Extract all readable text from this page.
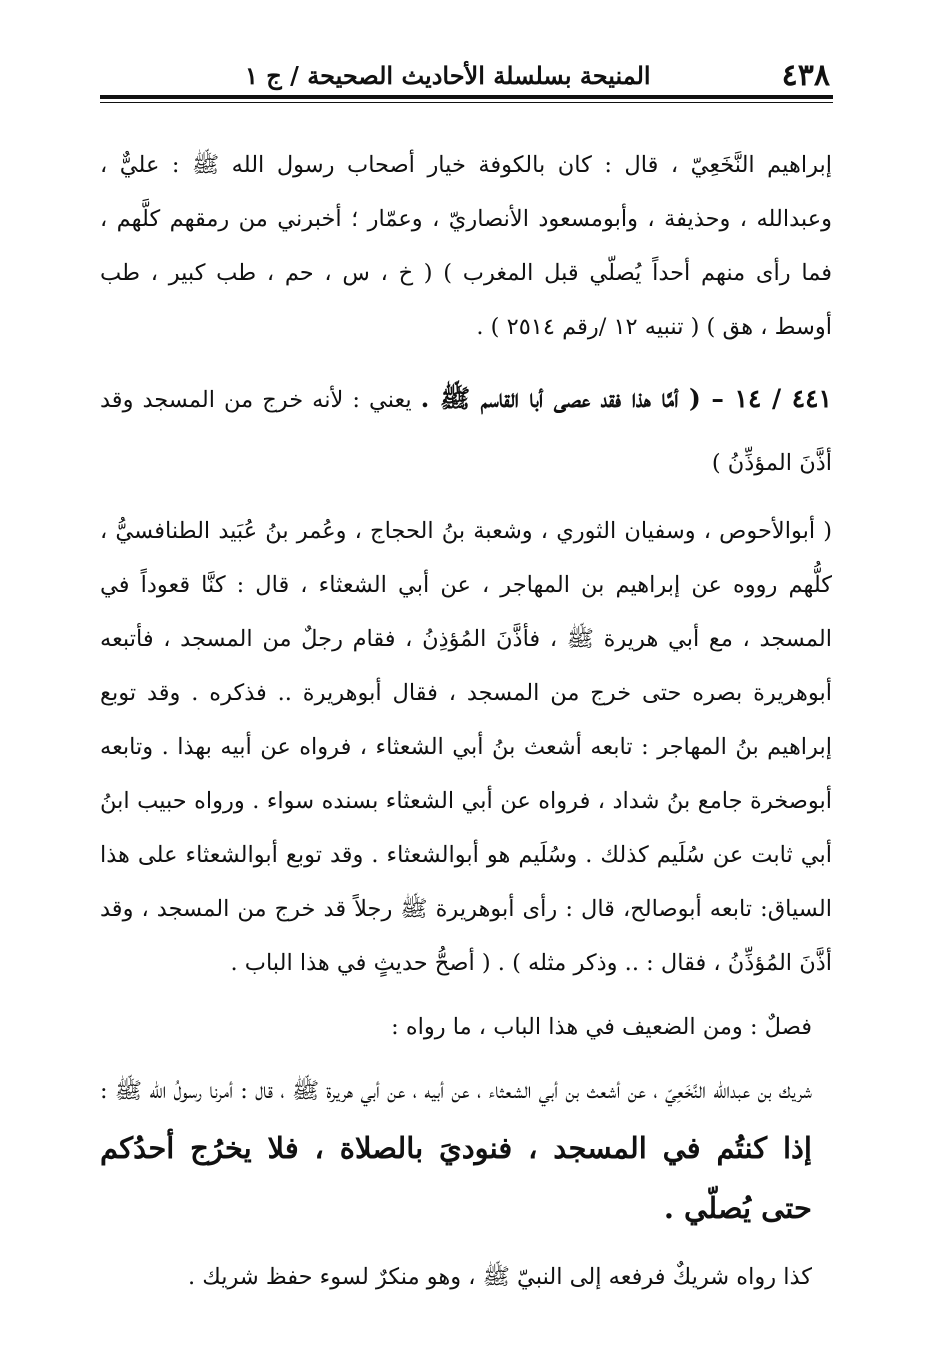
٤٣٨
المنيحة بسلسلة الأحاديث الصحيحة / ج ١

إبراهيم النَّخَعِيّ ، قال : كان بالكوفة خيار أصحاب رسول الله ﷺ : عليٌّ ، وعبدالله ، وحذيفة ، وأبومسعود الأنصاريّ ، وعمّار ؛ أخبرني من رمقهم كلَّهم ، فما رأى منهم أحداً يُصلّي قبل المغرب ) ( خ ، س ، حم ، طب كبير ، طب أوسط ، هق ) ( تنبيه ١٢ /رقم ٢٥١٤ ) .

٤٤١ / ١٤ – ( أمَّا هذا فقد عصى أبا القاسم ﷺ . يعني : لأنه خرج من المسجد وقد أذَّنَ المؤذِّنُ )

( أبوالأحوص ، وسفيان الثوري ، وشعبة بنُ الحجاج ، وعُمر بنُ عُبَيد الطنافسيُّ ، كلُّهم رووه عن إبراهيم بن المهاجر ، عن أبي الشعثاء ، قال : كنَّا قعوداً في المسجد ، مع أبي هريرة ﷺ ، فأذَّنَ المُؤذِنُ ، فقام رجلٌ من المسجد ، فأتبعه أبوهريرة بصره حتى خرج من المسجد ، فقال أبوهريرة .. فذكره . وقد توبع إبراهيم بنُ المهاجر : تابعه أشعث بنُ أبي الشعثاء ، فرواه عن أبيه بهذا . وتابعه أبوصخرة جامع بنُ شداد ، فرواه عن أبي الشعثاء بسنده سواء . ورواه حبيب ابنُ أبي ثابت عن سُلَيم كذلك . وسُلَيم هو أبوالشعثاء . وقد توبع أبوالشعثاء على هذا السياق: تابعه أبوصالح، قال : رأى أبوهريرة ﷺ رجلاً قد خرج من المسجد ، وقد أذَّنَ المُؤذِّنُ ، فقال : .. وذكر مثله ) . ( أصحُّ حديثٍ في هذا الباب .

فصلٌ : ومن الضعيف في هذا الباب ، ما رواه :

شريك بن عبدالله النَّخَعِيّ ، عن أشعث بن أبي الشعثاء ، عن أبيه ، عن أبي هريرة ﷺ ، قال : أمرنا رسولُ الله ﷺ : إذا كنتُم في المسجد ، فنوديَ بالصلاة ، فلا يخرُج أحدُكم حتى يُصلّي .

كذا رواه شريكٌ فرفعه إلى النبيّ ﷺ ، وهو منكرٌ لسوء حفظ شريك .
